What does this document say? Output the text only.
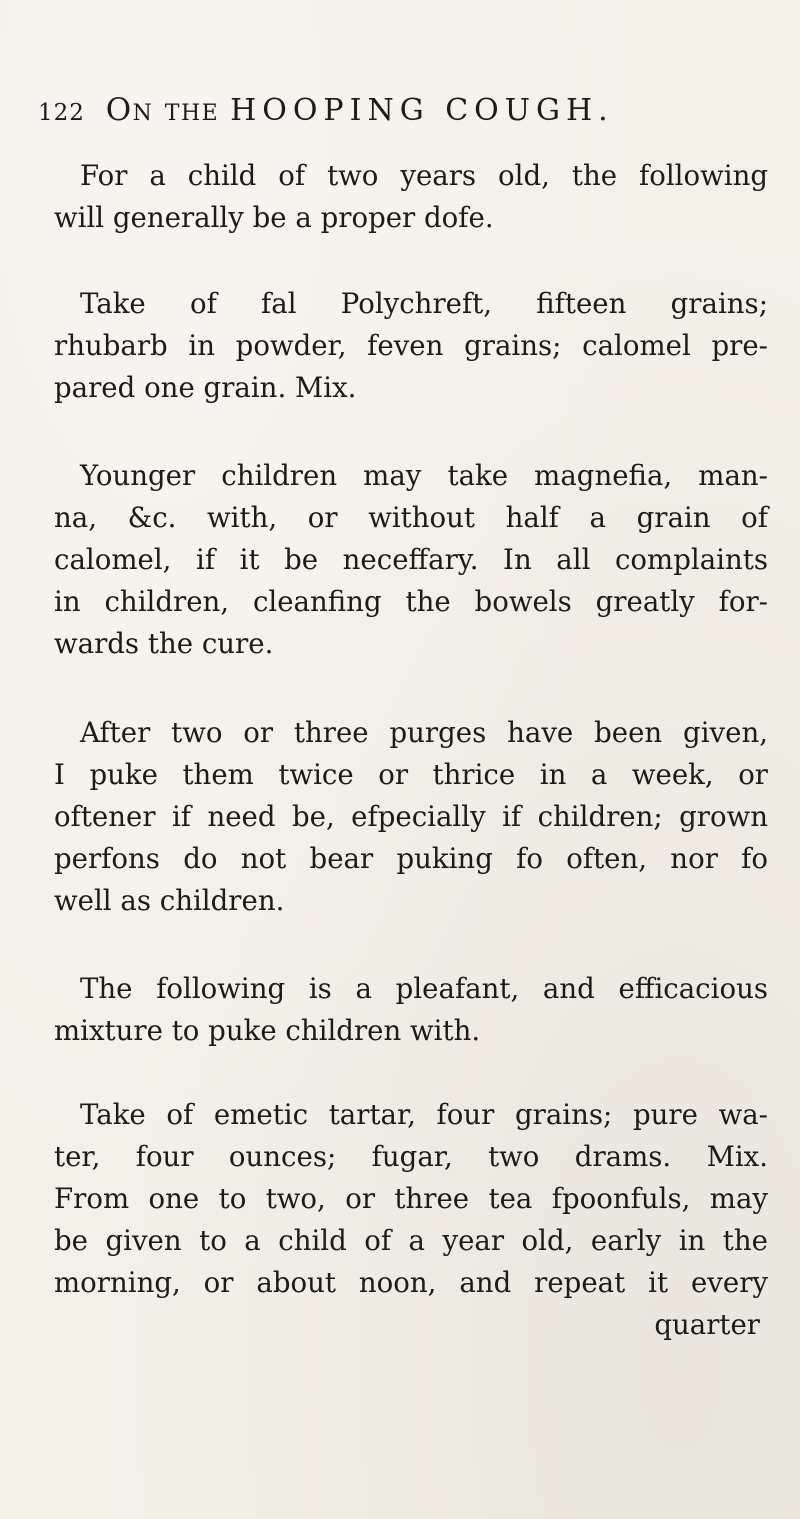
122 On the HOOPING COUGH.
For a child of two years old, the following
will generally be a proper dofe.
Take of fal Polychreft, fifteen grains;
rhubarb in powder, feven grains; calomel pre-
pared one grain. Mix.
Younger children may take magnefia, man-
na, &c. with, or without half a grain of
calomel, if it be neceffary. In all complaints
in children, cleanfing the bowels greatly for-
wards the cure.
After two or three purges have been given,
I puke them twice or thrice in a week, or
oftener if need be, efpecially if children; grown
perfons do not bear puking fo often, nor fo
well as children.
The following is a pleafant, and efficacious
mixture to puke children with.
Take of emetic tartar, four grains; pure wa-
ter, four ounces; fugar, two drams. Mix.
From one to two, or three tea fpoonfuls, may
be given to a child of a year old, early in the
morning, or about noon, and repeat it every
quarter
